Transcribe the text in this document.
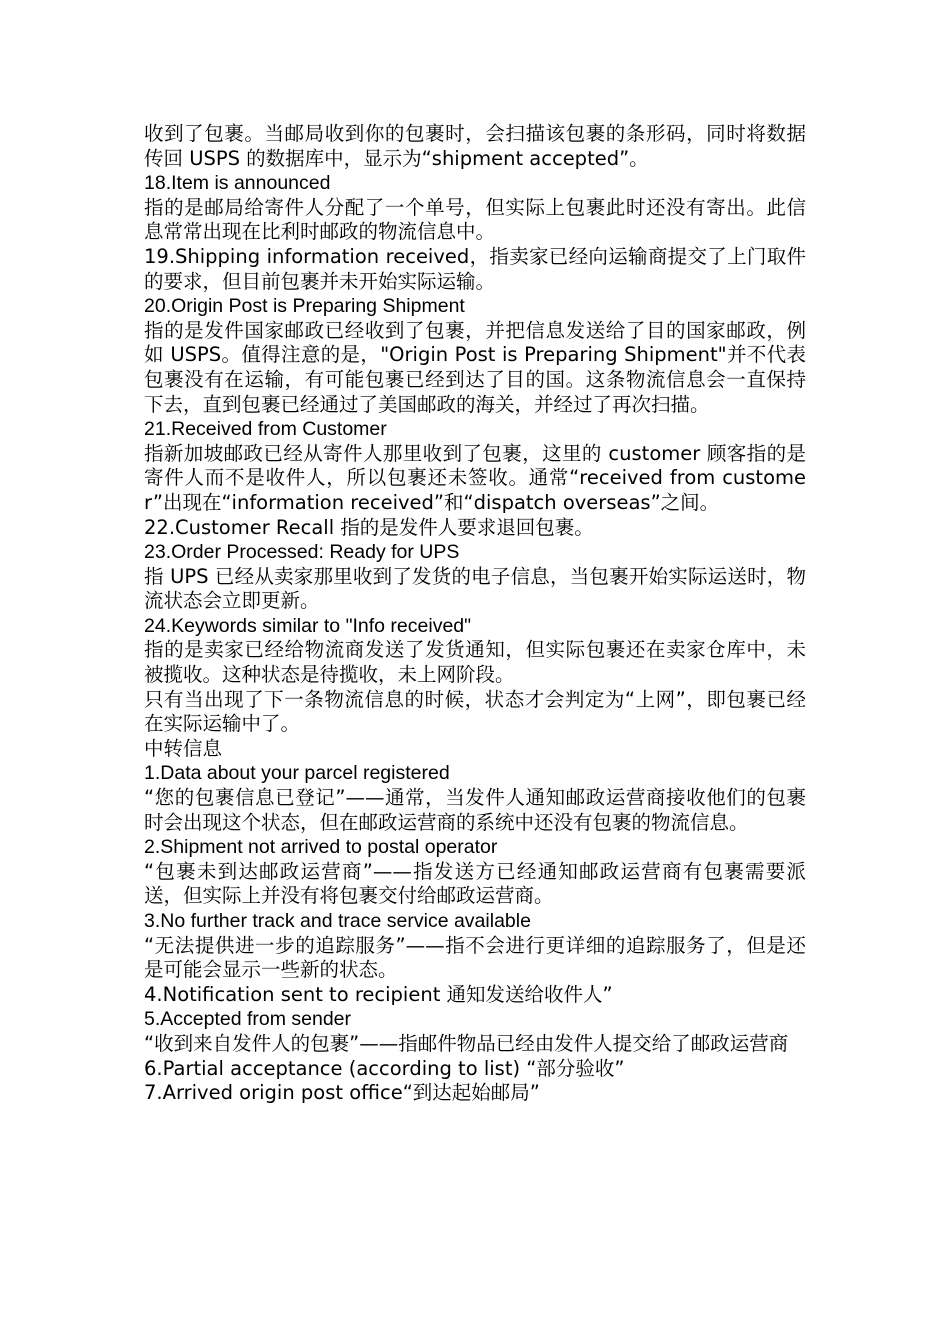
收到了包裹。当邮局收到你的包裹时，会扫描该包裹的条形码，同时将数据传回 USPS 的数据库中，显示为“shipment accepted”。

18.Item is announced

指的是邮局给寄件人分配了一个单号，但实际上包裹此时还没有寄出。此信息常常出现在比利时邮政的物流信息中。

19.Shipping information received，指卖家已经向运输商提交了上门取件的要求，但目前包裹并未开始实际运输。

20.Origin Post is Preparing Shipment

指的是发件国家邮政已经收到了包裹，并把信息发送给了目的国家邮政，例如 USPS。值得注意的是，"Origin Post is Preparing Shipment"并不代表包裹没有在运输，有可能包裹已经到达了目的国。这条物流信息会一直保持下去，直到包裹已经通过了美国邮政的海关，并经过了再次扫描。

21.Received from Customer

指新加坡邮政已经从寄件人那里收到了包裹，这里的 customer 顾客指的是寄件人而不是收件人，所以包裹还未签收。通常“received from customer”出现在“information received”和“dispatch overseas”之间。

22.Customer Recall 指的是发件人要求退回包裹。

23.Order Processed: Ready for UPS

指 UPS 已经从卖家那里收到了发货的电子信息，当包裹开始实际运送时，物流状态会立即更新。

24.Keywords similar to "Info received"

指的是卖家已经给物流商发送了发货通知，但实际包裹还在卖家仓库中，未被揽收。这种状态是待揽收，未上网阶段。

只有当出现了下一条物流信息的时候，状态才会判定为“上网”，即包裹已经在实际运输中了。

中转信息

1.Data about your parcel registered

“您的包裹信息已登记”——通常，当发件人通知邮政运营商接收他们的包裹时会出现这个状态，但在邮政运营商的系统中还没有包裹的物流信息。

2.Shipment not arrived to postal operator

“包裹未到达邮政运营商”——指发送方已经通知邮政运营商有包裹需要派送，但实际上并没有将包裹交付给邮政运营商。

3.No further track and trace service available

“无法提供进一步的追踪服务”——指不会进行更详细的追踪服务了，但是还是可能会显示一些新的状态。

4.Notification sent to recipient 通知发送给收件人”

5.Accepted from sender

“收到来自发件人的包裹”——指邮件物品已经由发件人提交给了邮政运营商

6.Partial acceptance (according to list) “部分验收”

7.Arrived origin post office“到达起始邮局”
